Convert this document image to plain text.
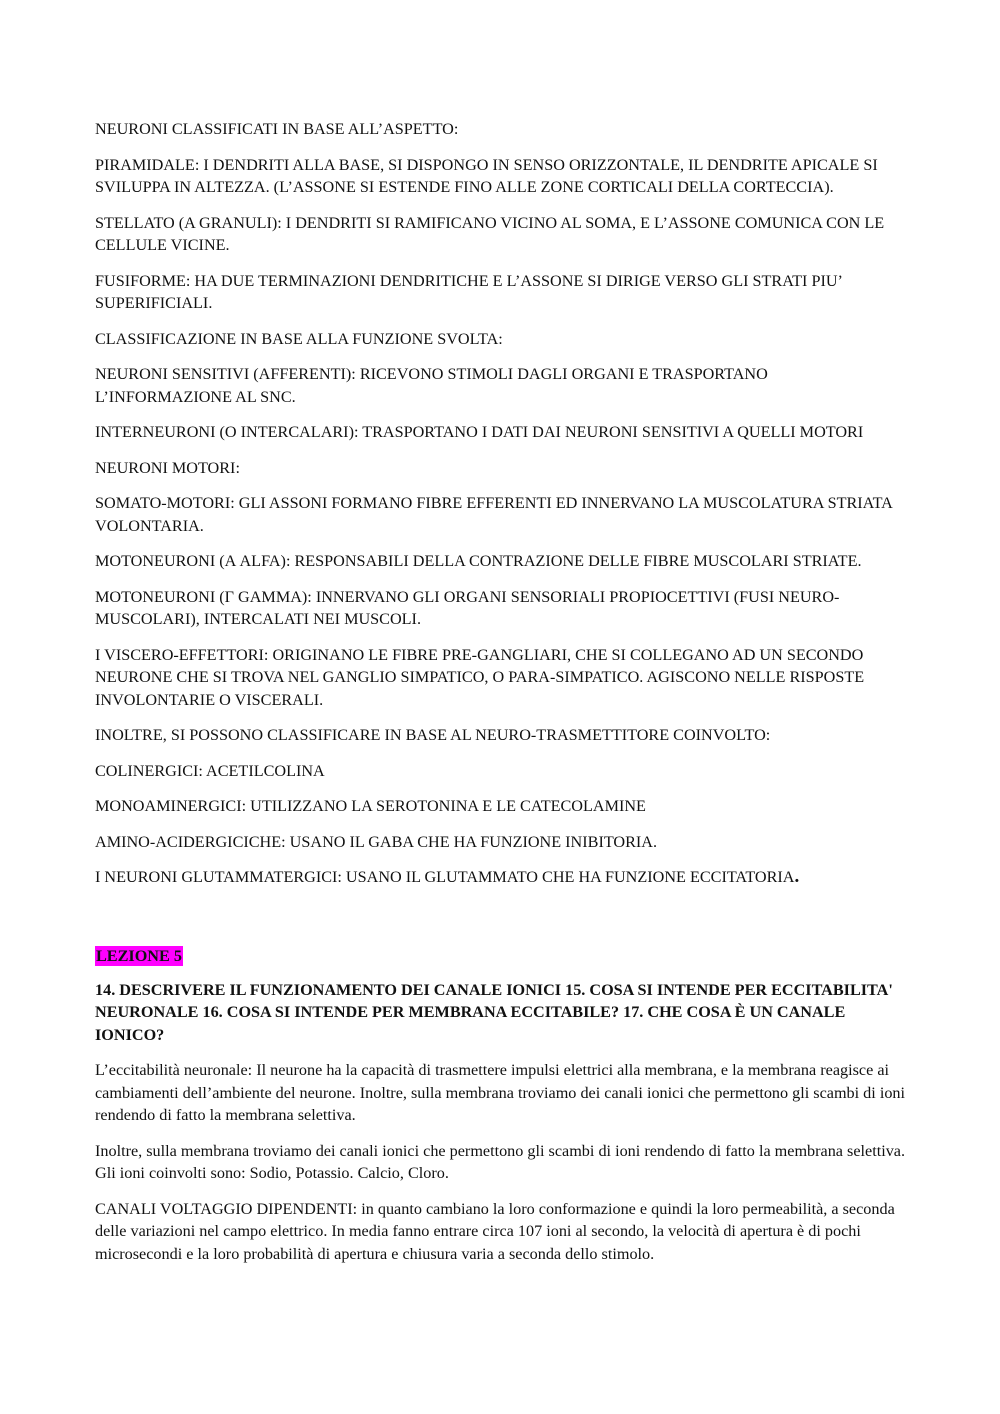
NEURONI CLASSIFICATI IN BASE ALL’ASPETTO:

PIRAMIDALE: I DENDRITI ALLA BASE, SI DISPONGO IN SENSO ORIZZONTALE, IL DENDRITE APICALE SI SVILUPPA IN ALTEZZA. (L’ASSONE SI ESTENDE FINO ALLE ZONE CORTICALI DELLA CORTECCIA).

STELLATO (A GRANULI): I DENDRITI SI RAMIFICANO VICINO AL SOMA, E L’ASSONE COMUNICA CON LE CELLULE VICINE.

FUSIFORME: HA DUE TERMINAZIONI DENDRITICHE E L’ASSONE SI DIRIGE VERSO GLI STRATI PIU’ SUPERIFICIALI.

CLASSIFICAZIONE IN BASE ALLA FUNZIONE SVOLTA:

NEURONI SENSITIVI (AFFERENTI): RICEVONO STIMOLI DAGLI ORGANI E TRASPORTANO L’INFORMAZIONE AL SNC.

INTERNEURONI (O INTERCALARI): TRASPORTANO I DATI DAI NEURONI SENSITIVI A QUELLI MOTORI

NEURONI MOTORI:

SOMATO-MOTORI: GLI ASSONI FORMANO FIBRE EFFERENTI ED INNERVANO LA MUSCOLATURA STRIATA VOLONTARIA.

MOTONEURONI (Α ALFA): RESPONSABILI DELLA CONTRAZIONE DELLE FIBRE MUSCOLARI STRIATE.

MOTONEURONI (Γ GAMMA): INNERVANO GLI ORGANI SENSORIALI PROPIOCETTIVI (FUSI NEURO-MUSCOLARI), INTERCALATI NEI MUSCOLI.

I VISCERO-EFFETTORI: ORIGINANO LE FIBRE PRE-GANGLIARI, CHE SI COLLEGANO AD UN SECONDO NEURONE CHE SI TROVA NEL GANGLIO SIMPATICO, O PARA-SIMPATICO. AGISCONO NELLE RISPOSTE INVOLONTARIE O VISCERALI.

INOLTRE, SI POSSONO CLASSIFICARE IN BASE AL NEURO-TRASMETTITORE COINVOLTO:

COLINERGICI: ACETILCOLINA

MONOAMINERGICI: UTILIZZANO LA SEROTONINA E LE CATECOLAMINE

AMINO-ACIDERGICICHE: USANO IL GABA CHE HA FUNZIONE INIBITORIA.

I NEURONI GLUTAMMATERGICI: USANO IL GLUTAMMATO CHE HA FUNZIONE ECCITATORIA.

LEZIONE 5

14. DESCRIVERE IL FUNZIONAMENTO DEI CANALE IONICI 15. COSA SI INTENDE PER ECCITABILITA' NEURONALE 16. COSA SI INTENDE PER MEMBRANA ECCITABILE? 17. CHE COSA È UN CANALE IONICO?

L’eccitabilità neuronale: Il neurone ha la capacità di trasmettere impulsi elettrici alla membrana, e la membrana reagisce ai cambiamenti dell’ambiente del neurone. Inoltre, sulla membrana troviamo dei canali ionici che permettono gli scambi di ioni rendendo di fatto la membrana selettiva.

Inoltre, sulla membrana troviamo dei canali ionici che permettono gli scambi di ioni rendendo di fatto la membrana selettiva. Gli ioni coinvolti sono: Sodio, Potassio. Calcio, Cloro.

CANALI VOLTAGGIO DIPENDENTI: in quanto cambiano la loro conformazione e quindi la loro permeabilità, a seconda delle variazioni nel campo elettrico. In media fanno entrare circa 107 ioni al secondo, la velocità di apertura è di pochi microsecondi e la loro probabilità di apertura e chiusura varia a seconda dello stimolo.
